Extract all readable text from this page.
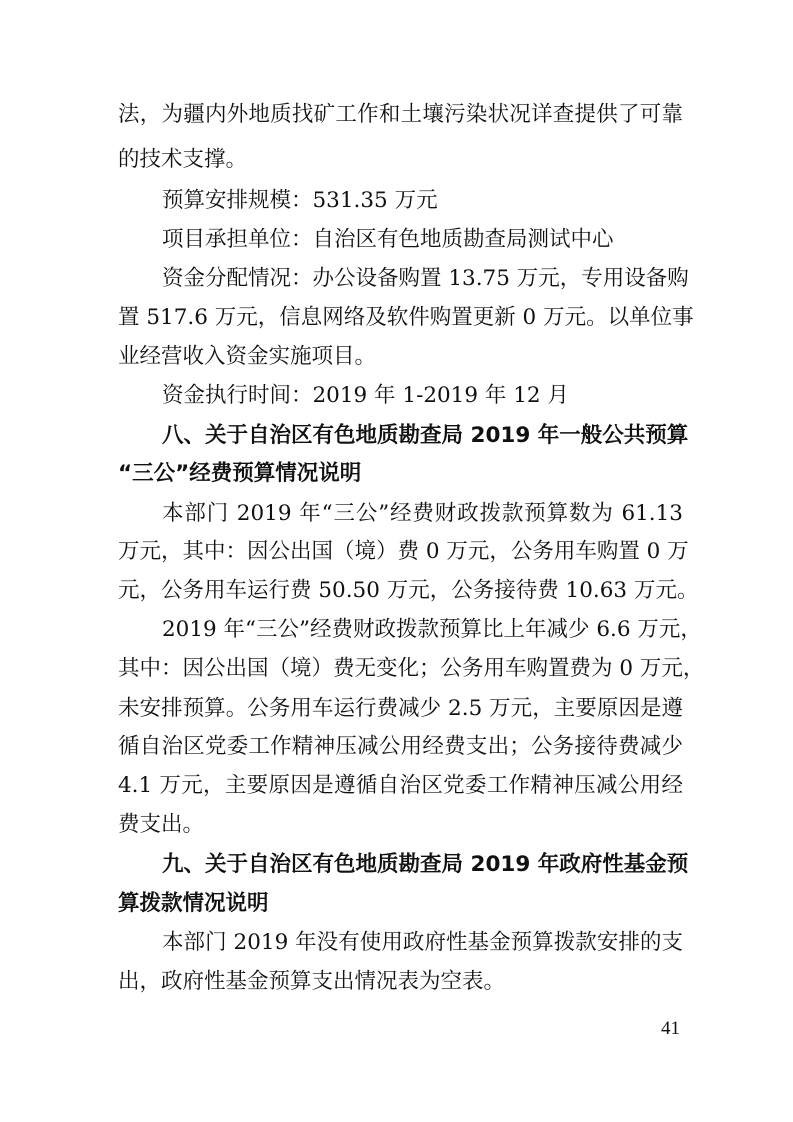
法，为疆内外地质找矿工作和土壤污染状况详查提供了可靠
的技术支撑。
预算安排规模：531.35 万元
项目承担单位：自治区有色地质勘查局测试中心
资金分配情况：办公设备购置 13.75 万元，专用设备购
置 517.6 万元，信息网络及软件购置更新 0 万元。以单位事
业经营收入资金实施项目。
资金执行时间：2019 年 1-2019 年 12 月
八、关于自治区有色地质勘查局 2019 年一般公共预算
“三公”经费预算情况说明
本部门 2019 年“三公”经费财政拨款预算数为 61.13
万元，其中：因公出国（境）费 0 万元，公务用车购置 0 万
元，公务用车运行费 50.50 万元，公务接待费 10.63 万元。
2019 年“三公”经费财政拨款预算比上年减少 6.6 万元，
其中：因公出国（境）费无变化；公务用车购置费为 0 万元，
未安排预算。公务用车运行费减少 2.5 万元，主要原因是遵
循自治区党委工作精神压减公用经费支出；公务接待费减少
4.1 万元，主要原因是遵循自治区党委工作精神压减公用经
费支出。
九、关于自治区有色地质勘查局 2019 年政府性基金预
算拨款情况说明
本部门 2019 年没有使用政府性基金预算拨款安排的支
出，政府性基金预算支出情况表为空表。
41
